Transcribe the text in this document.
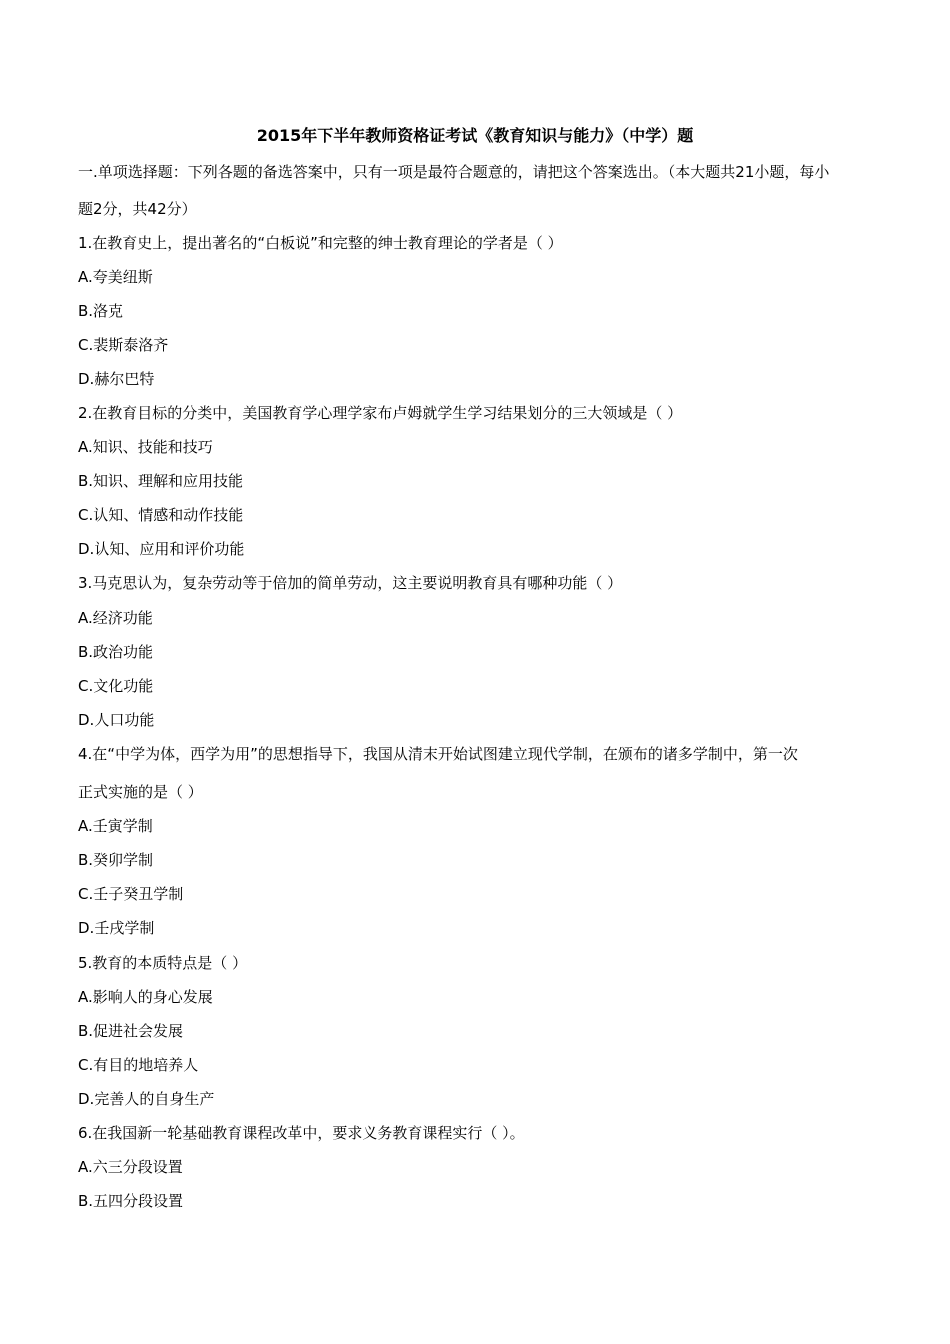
2015年下半年教师资格证考试《教育知识与能力》（中学）题
一.单项选择题：下列各题的备选答案中，只有一项是最符合题意的，请把这个答案选出。（本大题共21小题，每小
题2分，共42分）
1.在教育史上，提出著名的“白板说”和完整的绅士教育理论的学者是（ ）
A.夸美纽斯
B.洛克
C.裴斯泰洛齐
D.赫尔巴特
2.在教育目标的分类中，美国教育学心理学家布卢姆就学生学习结果划分的三大领域是（ ）
A.知识、技能和技巧
B.知识、理解和应用技能
C.认知、情感和动作技能
D.认知、应用和评价功能
3.马克思认为，复杂劳动等于倍加的简单劳动，这主要说明教育具有哪种功能（ ）
A.经济功能
B.政治功能
C.文化功能
D.人口功能
4.在“中学为体，西学为用”的思想指导下，我国从清末开始试图建立现代学制，在颁布的诸多学制中，第一次
正式实施的是（ ）
A.壬寅学制
B.癸卯学制
C.壬子癸丑学制
D.壬戌学制
5.教育的本质特点是（ ）
A.影响人的身心发展
B.促进社会发展
C.有目的地培养人
D.完善人的自身生产
6.在我国新一轮基础教育课程改革中，要求义务教育课程实行（ ）。
A.六三分段设置
B.五四分段设置
